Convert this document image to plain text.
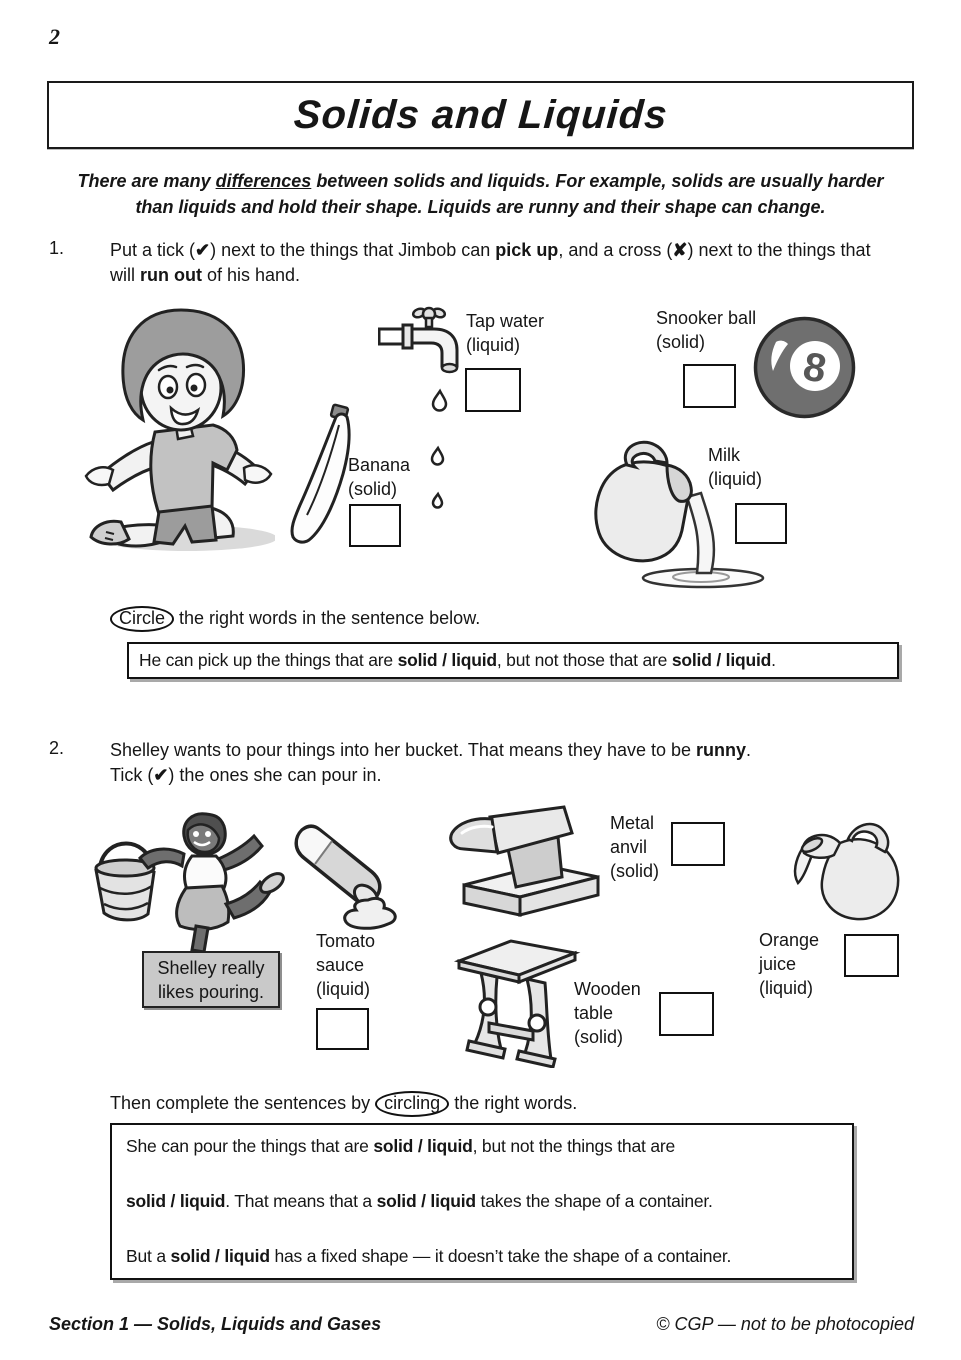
2
Solids and Liquids
There are many differences between solids and liquids. For example, solids are usually harder
than liquids and hold their shape. Liquids are runny and their shape can change.
1.	Put a tick (✔) next to the things that Jimbob can pick up, and a cross (✘) next to the things that
will run out of his hand.
Banana
(solid)
Tap water
(liquid)
Snooker ball
(solid)
8
Milk
(liquid)
Circle the right words in the sentence below.
He can pick up the things that are solid / liquid, but not those that are solid / liquid.
2.	Shelley wants to pour things into her bucket. That means they have to be runny.
Tick (✔) the ones she can pour in.
Shelley really
likes pouring.
Tomato
sauce
(liquid)
Metal
anvil
(solid)
Wooden
table
(solid)
Orange
juice
(liquid)
Then complete the sentences by circling the right words.
She can pour the things that are solid / liquid, but not the things that are
solid / liquid. That means that a solid / liquid takes the shape of a container.
But a solid / liquid has a fixed shape — it doesn’t take the shape of a container.
Section 1 — Solids, Liquids and Gases	© CGP — not to be photocopied
